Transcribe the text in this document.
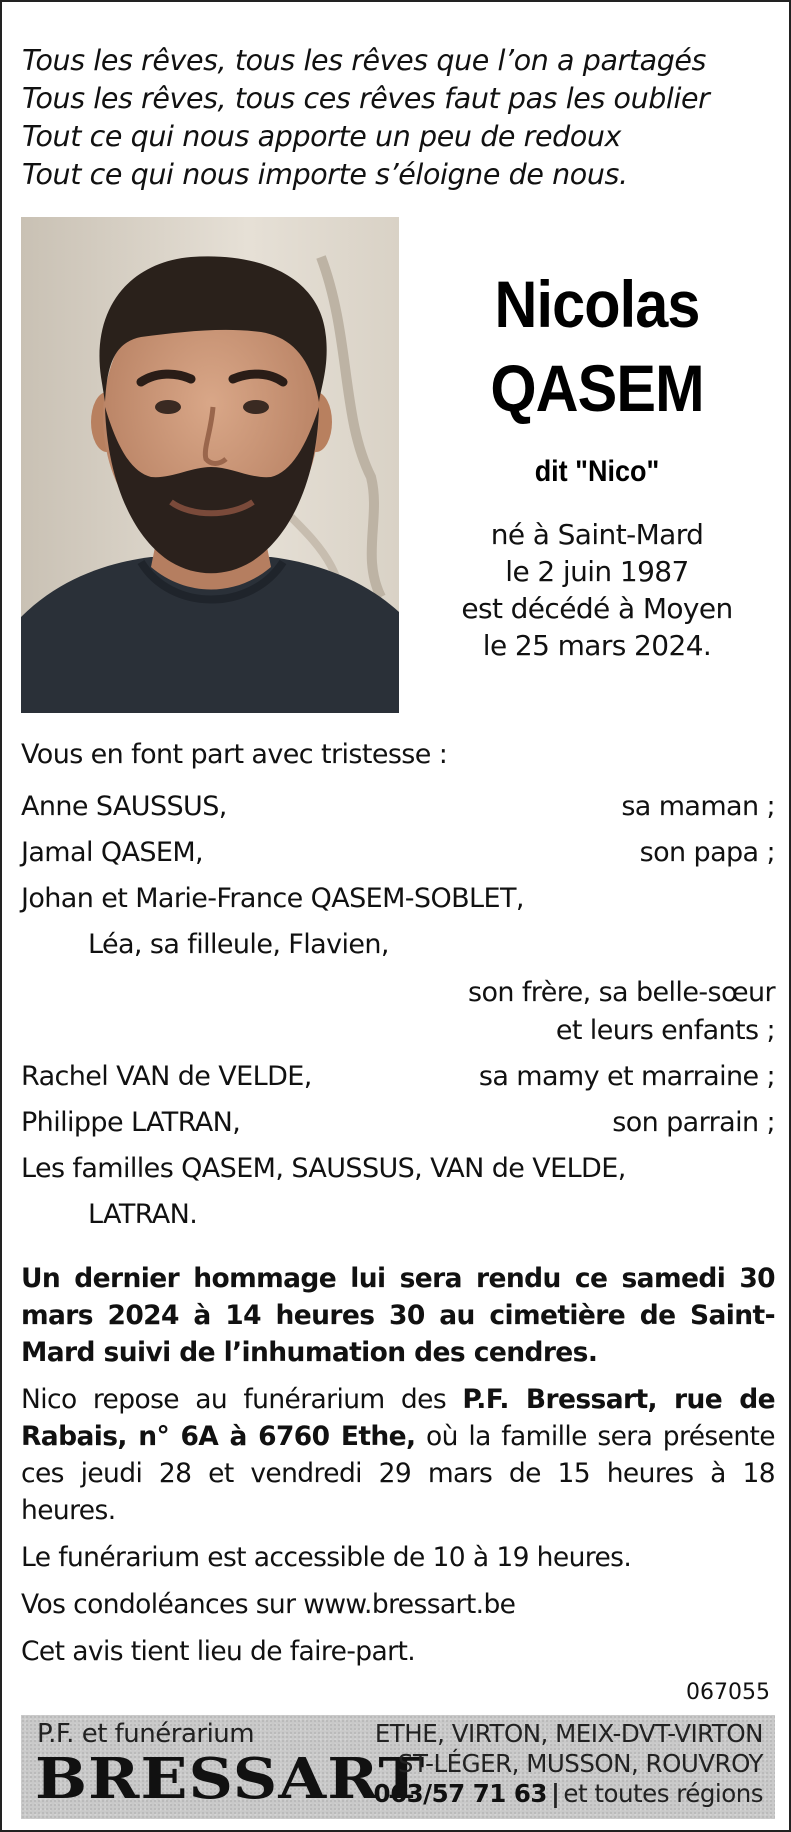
Tous les rêves, tous les rêves que l’on a partagés
Tous les rêves, tous ces rêves faut pas les oublier
Tout ce qui nous apporte un peu de redoux
Tout ce qui nous importe s’éloigne de nous.
Nicolas
QASEM
dit "Nico"
né à Saint-Mard
le 2 juin 1987
est décédé à Moyen
le 25 mars 2024.
Vous en font part avec tristesse :
Anne SAUSSUS,	sa maman ;
Jamal QASEM,	son papa ;
Johan et Marie-France QASEM-SOBLET,
Léa, sa filleule, Flavien,
son frère, sa belle-sœur
et leurs enfants ;
Rachel VAN de VELDE,	sa mamy et marraine ;
Philippe LATRAN,	son parrain ;
Les familles QASEM, SAUSSUS, VAN de VELDE,
LATRAN.

Un dernier hommage lui sera rendu ce samedi 30 mars 2024 à 14 heures 30 au cimetière de Saint-Mard suivi de l’inhumation des cendres.

Nico repose au funérarium des P.F. Bressart, rue de Rabais, n° 6A à 6760 Ethe, où la famille sera présente ces jeudi 28 et vendredi 29 mars de 15 heures à 18 heures.

Le funérarium est accessible de 10 à 19 heures.

Vos condoléances sur www.bressart.be

Cet avis tient lieu de faire-part.

067055
P.F. et funérarium
BRESSART
ETHE, VIRTON, MEIX-DVT-VIRTON
ST-LÉGER, MUSSON, ROUVROY
063/57 71 63 | et toutes régions
